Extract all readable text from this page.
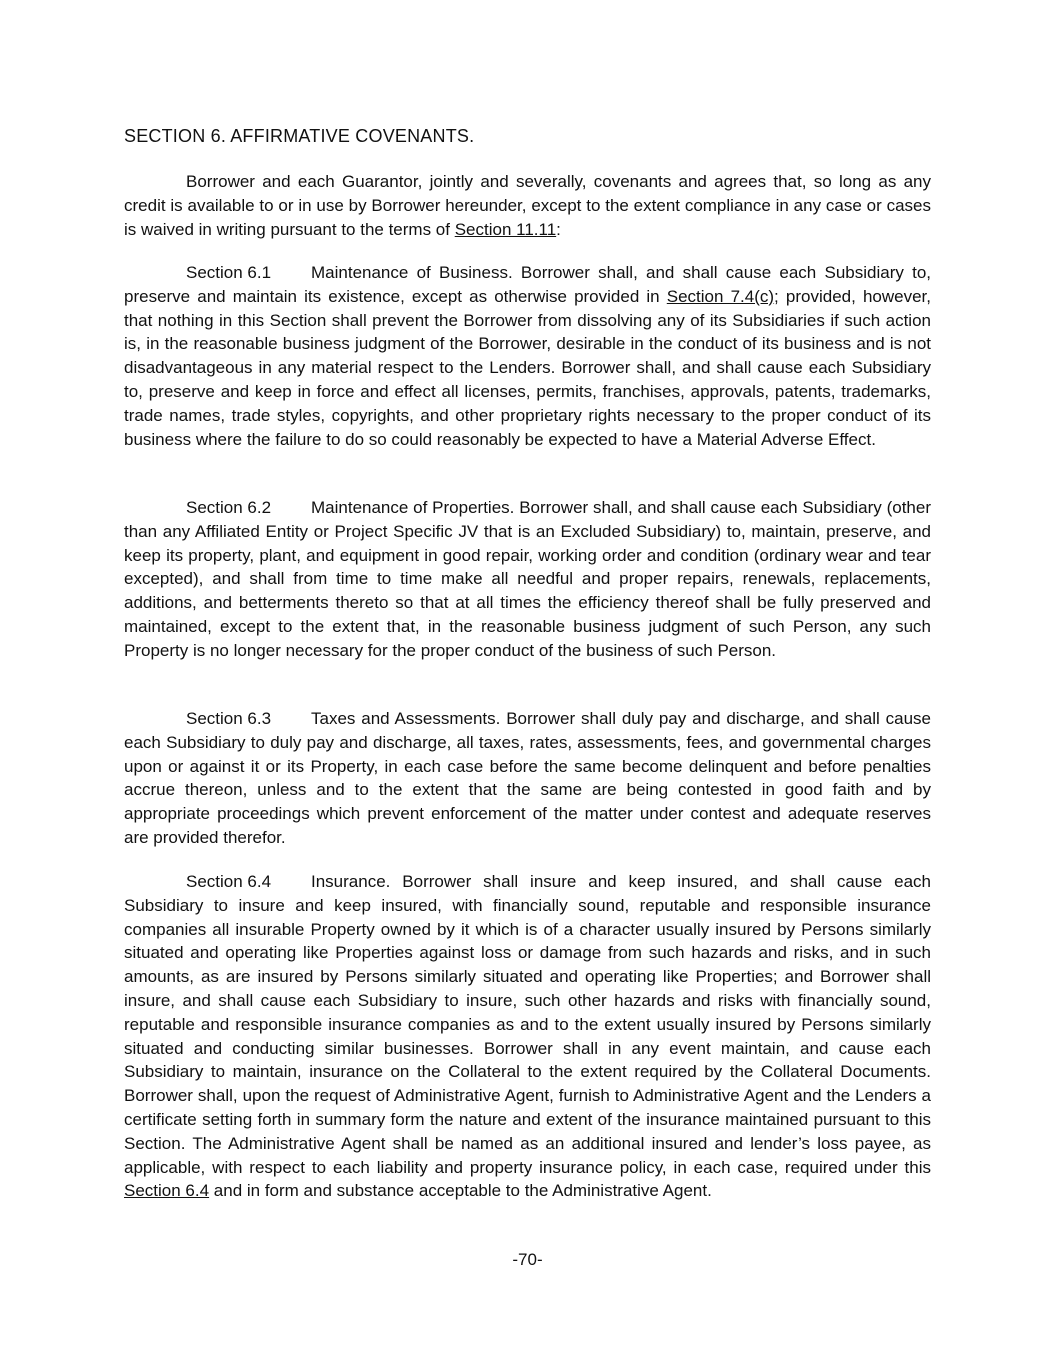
SECTION 6. AFFIRMATIVE COVENANTS.
Borrower and each Guarantor, jointly and severally, covenants and agrees that, so long as any credit is available to or in use by Borrower hereunder, except to the extent compliance in any case or cases is waived in writing pursuant to the terms of Section 11.11:
Section 6.1 Maintenance of Business. Borrower shall, and shall cause each Subsidiary to, preserve and maintain its existence, except as otherwise provided in Section 7.4(c); provided, however, that nothing in this Section shall prevent the Borrower from dissolving any of its Subsidiaries if such action is, in the reasonable business judgment of the Borrower, desirable in the conduct of its business and is not disadvantageous in any material respect to the Lenders. Borrower shall, and shall cause each Subsidiary to, preserve and keep in force and effect all licenses, permits, franchises, approvals, patents, trademarks, trade names, trade styles, copyrights, and other proprietary rights necessary to the proper conduct of its business where the failure to do so could reasonably be expected to have a Material Adverse Effect.
Section 6.2 Maintenance of Properties. Borrower shall, and shall cause each Subsidiary (other than any Affiliated Entity or Project Specific JV that is an Excluded Subsidiary) to, maintain, preserve, and keep its property, plant, and equipment in good repair, working order and condition (ordinary wear and tear excepted), and shall from time to time make all needful and proper repairs, renewals, replacements, additions, and betterments thereto so that at all times the efficiency thereof shall be fully preserved and maintained, except to the extent that, in the reasonable business judgment of such Person, any such Property is no longer necessary for the proper conduct of the business of such Person.
Section 6.3 Taxes and Assessments. Borrower shall duly pay and discharge, and shall cause each Subsidiary to duly pay and discharge, all taxes, rates, assessments, fees, and governmental charges upon or against it or its Property, in each case before the same become delinquent and before penalties accrue thereon, unless and to the extent that the same are being contested in good faith and by appropriate proceedings which prevent enforcement of the matter under contest and adequate reserves are provided therefor.
Section 6.4 Insurance. Borrower shall insure and keep insured, and shall cause each Subsidiary to insure and keep insured, with financially sound, reputable and responsible insurance companies all insurable Property owned by it which is of a character usually insured by Persons similarly situated and operating like Properties against loss or damage from such hazards and risks, and in such amounts, as are insured by Persons similarly situated and operating like Properties; and Borrower shall insure, and shall cause each Subsidiary to insure, such other hazards and risks with financially sound, reputable and responsible insurance companies as and to the extent usually insured by Persons similarly situated and conducting similar businesses. Borrower shall in any event maintain, and cause each Subsidiary to maintain, insurance on the Collateral to the extent required by the Collateral Documents. Borrower shall, upon the request of Administrative Agent, furnish to Administrative Agent and the Lenders a certificate setting forth in summary form the nature and extent of the insurance maintained pursuant to this Section. The Administrative Agent shall be named as an additional insured and lender’s loss payee, as applicable, with respect to each liability and property insurance policy, in each case, required under this Section 6.4 and in form and substance acceptable to the Administrative Agent.
-70-
